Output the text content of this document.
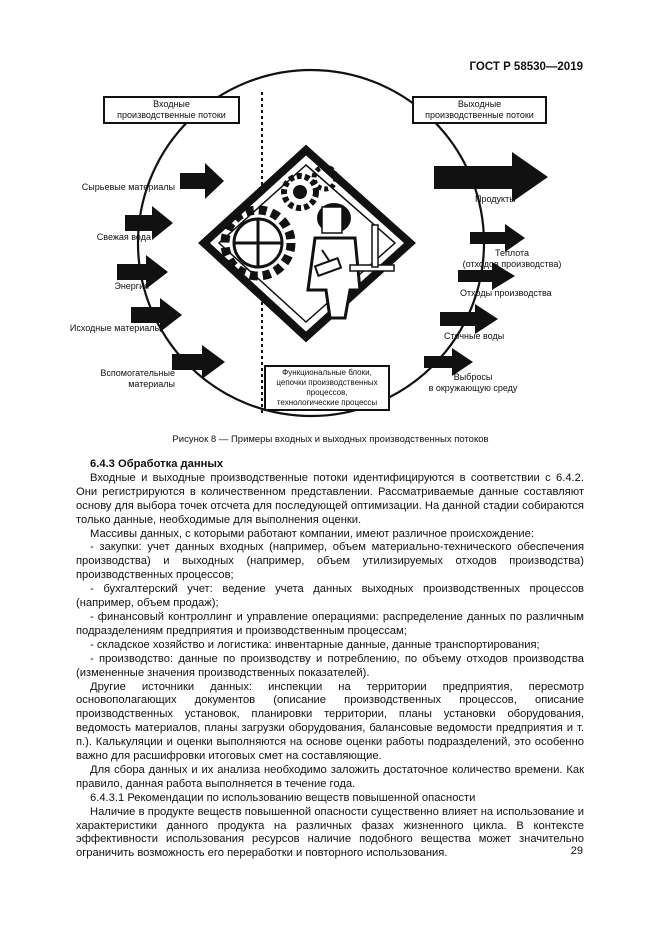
ГОСТ Р 58530—2019
Входные
производственные потоки
Выходные
производственные потоки
Сырьевые материалы
Свежая вода
Энергия
Исходные материалы
Вспомогательные
материалы
Продукты
Теплота
(отходов производства)
Отходы производства
Сточные воды
Выбросы
в окружающую среду
Функциональные блоки,
цепочки производственных
процессов,
технологические процессы
Рисунок 8 — Примеры входных и выходных производственных потоков
6.4.3 Обработка данных

Входные и выходные производственные потоки идентифицируются в соответствии с 6.4.2. Они регистрируются в количественном представлении. Рассматриваемые данные составляют основу для выбора точек отсчета для последующей оптимизации. На данной стадии собираются только данные, необходимые для выполнения оценки.

Массивы данных, с которыми работают компании, имеют различное происхождение:

- закупки: учет данных входных (например, объем материально-технического обеспечения производства) и выходных (например, объем утилизируемых отходов производства) производственных процессов;

- бухгалтерский учет: ведение учета данных выходных производственных процессов (например, объем продаж);

- финансовый контроллинг и управление операциями: распределение данных по различным подразделениям предприятия и производственным процессам;

- складское хозяйство и логистика: инвентарные данные, данные транспортирования;

- производство: данные по производству и потреблению, по объему отходов производства (измененные значения производственных показателей).

Другие источники данных: инспекции на территории предприятия, пересмотр основополагающих документов (описание производственных процессов, описание производственных установок, планировки территории, планы установки оборудования, ведомость материалов, планы загрузки оборудования, балансовые ведомости предприятия и т. п.). Калькуляции и оценки выполняются на основе оценки работы подразделений, это особенно важно для расшифровки итоговых смет на составляющие.

Для сбора данных и их анализа необходимо заложить достаточное количество времени. Как правило, данная работа выполняется в течение года.

6.4.3.1 Рекомендации по использованию веществ повышенной опасности

Наличие в продукте веществ повышенной опасности существенно влияет на использование и характеристики данного продукта на различных фазах жизненного цикла. В контексте эффективности использования ресурсов наличие подобного вещества может значительно ограничить возможность его переработки и повторного использования.	29
